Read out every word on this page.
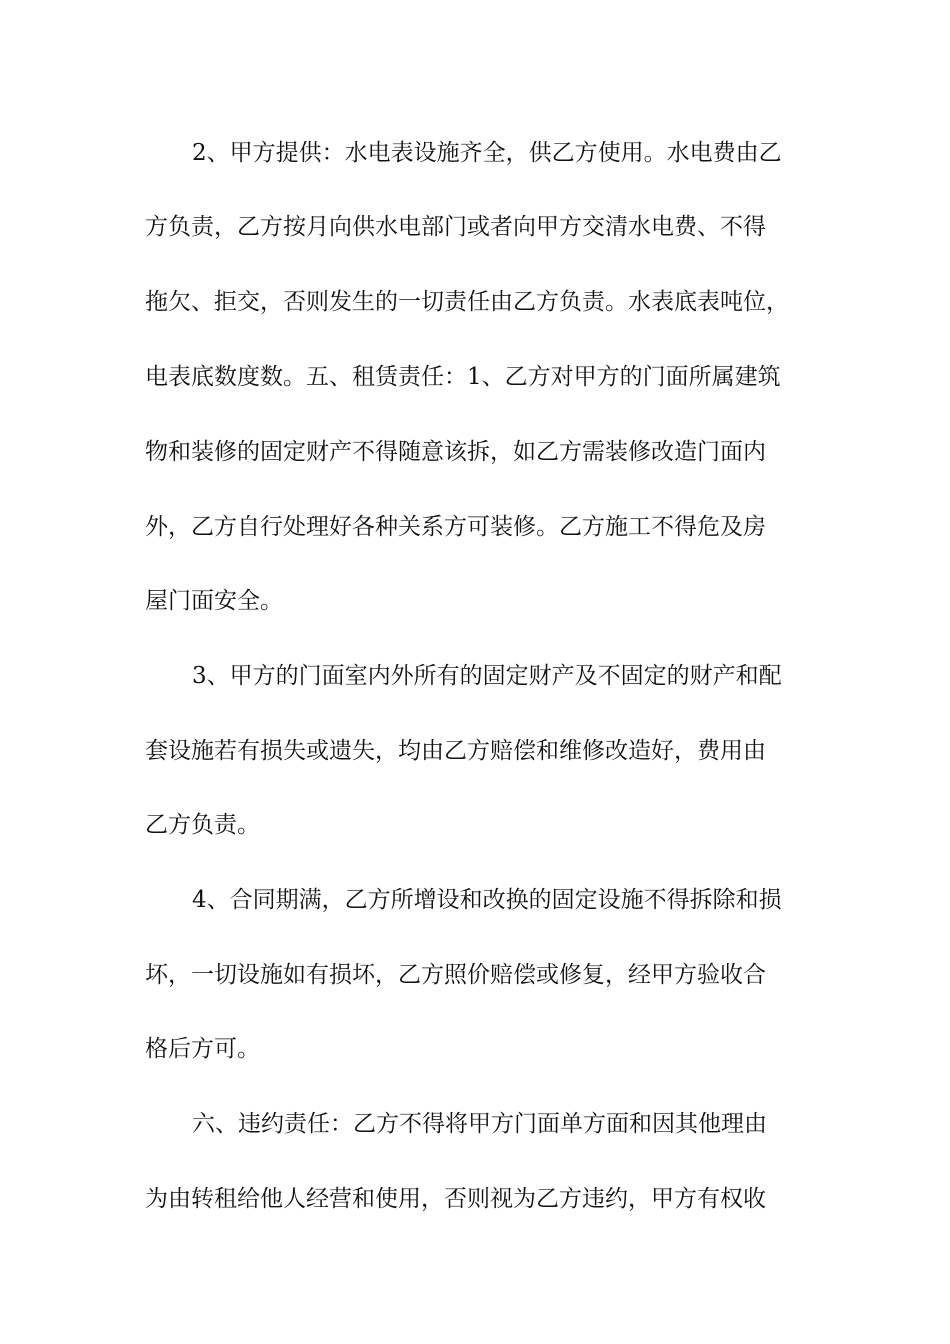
2、甲方提供：水电表设施齐全，供乙方使用。水电费由乙

方负责，乙方按月向供水电部门或者向甲方交清水电费、不得

拖欠、拒交，否则发生的一切责任由乙方负责。水表底表吨位，

电表底数度数。五、租赁责任：1、乙方对甲方的门面所属建筑

物和装修的固定财产不得随意该拆，如乙方需装修改造门面内

外，乙方自行处理好各种关系方可装修。乙方施工不得危及房

屋门面安全。

3、甲方的门面室内外所有的固定财产及不固定的财产和配

套设施若有损失或遗失，均由乙方赔偿和维修改造好，费用由

乙方负责。

4、合同期满，乙方所增设和改换的固定设施不得拆除和损

坏，一切设施如有损坏，乙方照价赔偿或修复，经甲方验收合

格后方可。

六、违约责任：乙方不得将甲方门面单方面和因其他理由

为由转租给他人经营和使用，否则视为乙方违约，甲方有权收
